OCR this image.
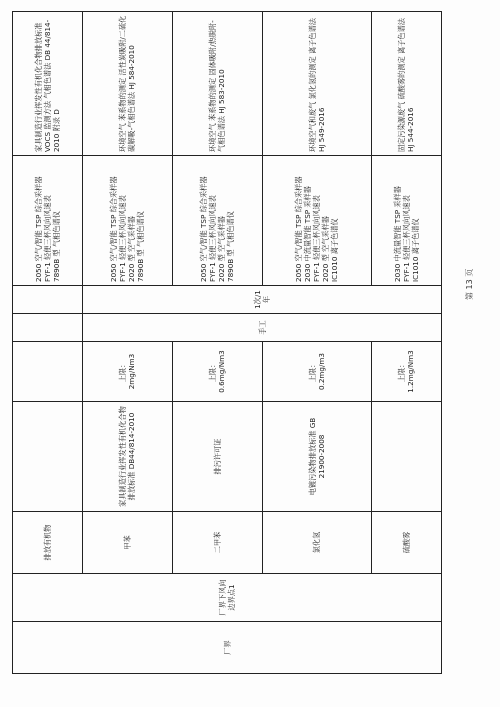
厂界	厂界下风向边界点1	排放有机物					2050 空气/智能 TSP 综合采样器 FYF-1 轻便三杯风向风速表 7890B 型 气相色谱仪	家具制造行业挥发性有机化合物排放标准 VOCS 监测方法 气相色谱法 DB 44/814-2010 附录 D
		甲苯	家具制造行业挥发性有机化合物排放标准 DB44/814-2010	上限：2mg/Nm3	手工	1次/1年	2050 空气/智能 TSP 综合采样器 FYF-1 轻便三杯风向风速表 2020 型 空气采样器 7890B 型 气相色谱仪	环境空气 苯系物的测定 活性炭吸附/二硫化碳解吸-气相色谱法 HJ 584-2010
		二甲苯	排污许可证	上限：0.6mg/Nm3			2050 空气/智能 TSP 综合采样器 FYF-1 轻便三杯风向风速表 2020 型 空气采样器 7890B 型 气相色谱仪	环境空气 苯系物的测定 固体吸附/热脱附-气相色谱法 HJ 583-2010
		氯化氢	电镀污染物排放标准 GB 21900-2008	上限：0.2mg/m3			2050 空气/智能 TSP 综合采样器 2030 中流量智能 TSP 采样器 FYF-1 轻便三杯风向风速表 2020 型 空气采样器 IC1010 离子色谱仪	环境空气和废气 氯化氢的测定 离子色谱法 HJ 549-2016
		硫酸雾		上限：1.2mg/Nm3			2030 中流量智能 TSP 采样器 FYF-1 轻便三杯风向风速表 IC1010 离子色谱仪	固定污染源废气 硫酸雾的测定 离子色谱法 HJ 544-2016
第 13 页
